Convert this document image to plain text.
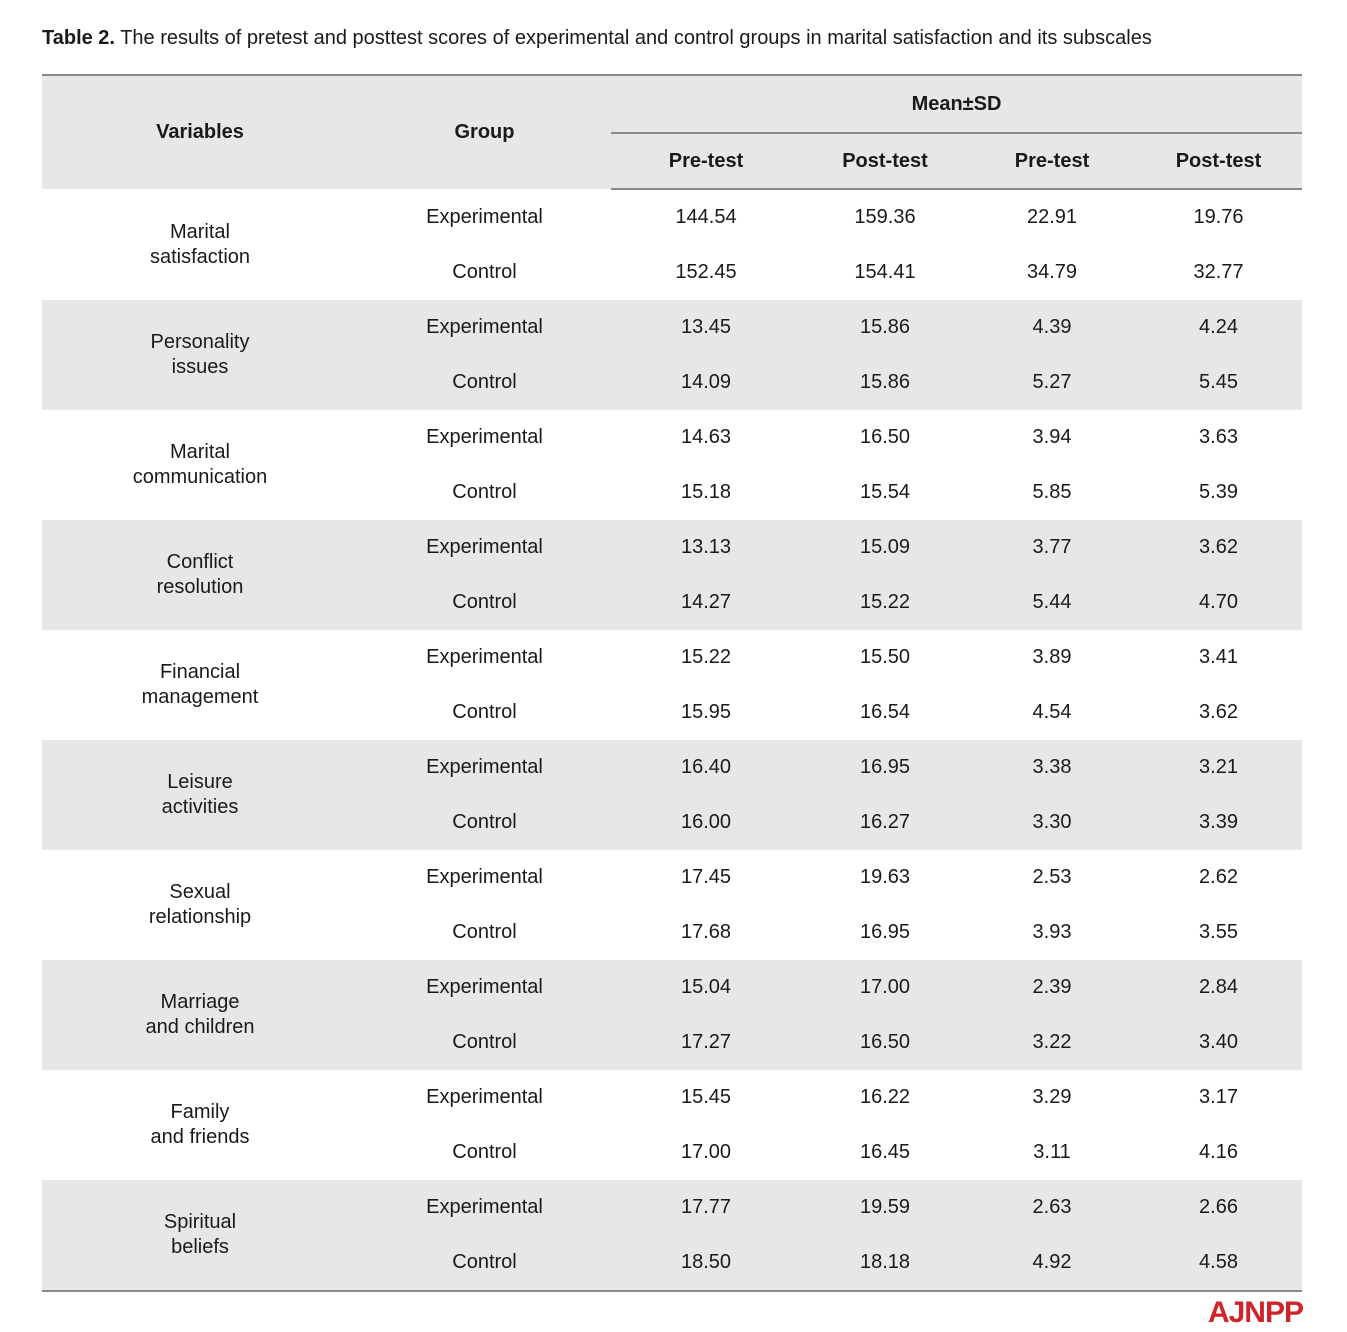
Table 2. The results of pretest and posttest scores of experimental and control groups in marital satisfaction and its subscales
Variables	Group	Mean±SD			
		Pre-test	Post-test	Pre-test	Post-test

Marital
satisfaction	Experimental	144.54	159.36	22.91	19.76
	Control	152.45	154.41	34.79	32.77

Personality
issues	Experimental	13.45	15.86	4.39	4.24
	Control	14.09	15.86	5.27	5.45

Marital
communication	Experimental	14.63	16.50	3.94	3.63
	Control	15.18	15.54	5.85	5.39

Conflict
resolution	Experimental	13.13	15.09	3.77	3.62
	Control	14.27	15.22	5.44	4.70

Financial
management	Experimental	15.22	15.50	3.89	3.41
	Control	15.95	16.54	4.54	3.62

Leisure
activities	Experimental	16.40	16.95	3.38	3.21
	Control	16.00	16.27	3.30	3.39

Sexual
relationship	Experimental	17.45	19.63	2.53	2.62
	Control	17.68	16.95	3.93	3.55

Marriage
and children	Experimental	15.04	17.00	2.39	2.84
	Control	17.27	16.50	3.22	3.40

Family
and friends	Experimental	15.45	16.22	3.29	3.17
	Control	17.00	16.45	3.11	4.16

Spiritual
beliefs	Experimental	17.77	19.59	2.63	2.66
	Control	18.50	18.18	4.92	4.58
AJNPP
